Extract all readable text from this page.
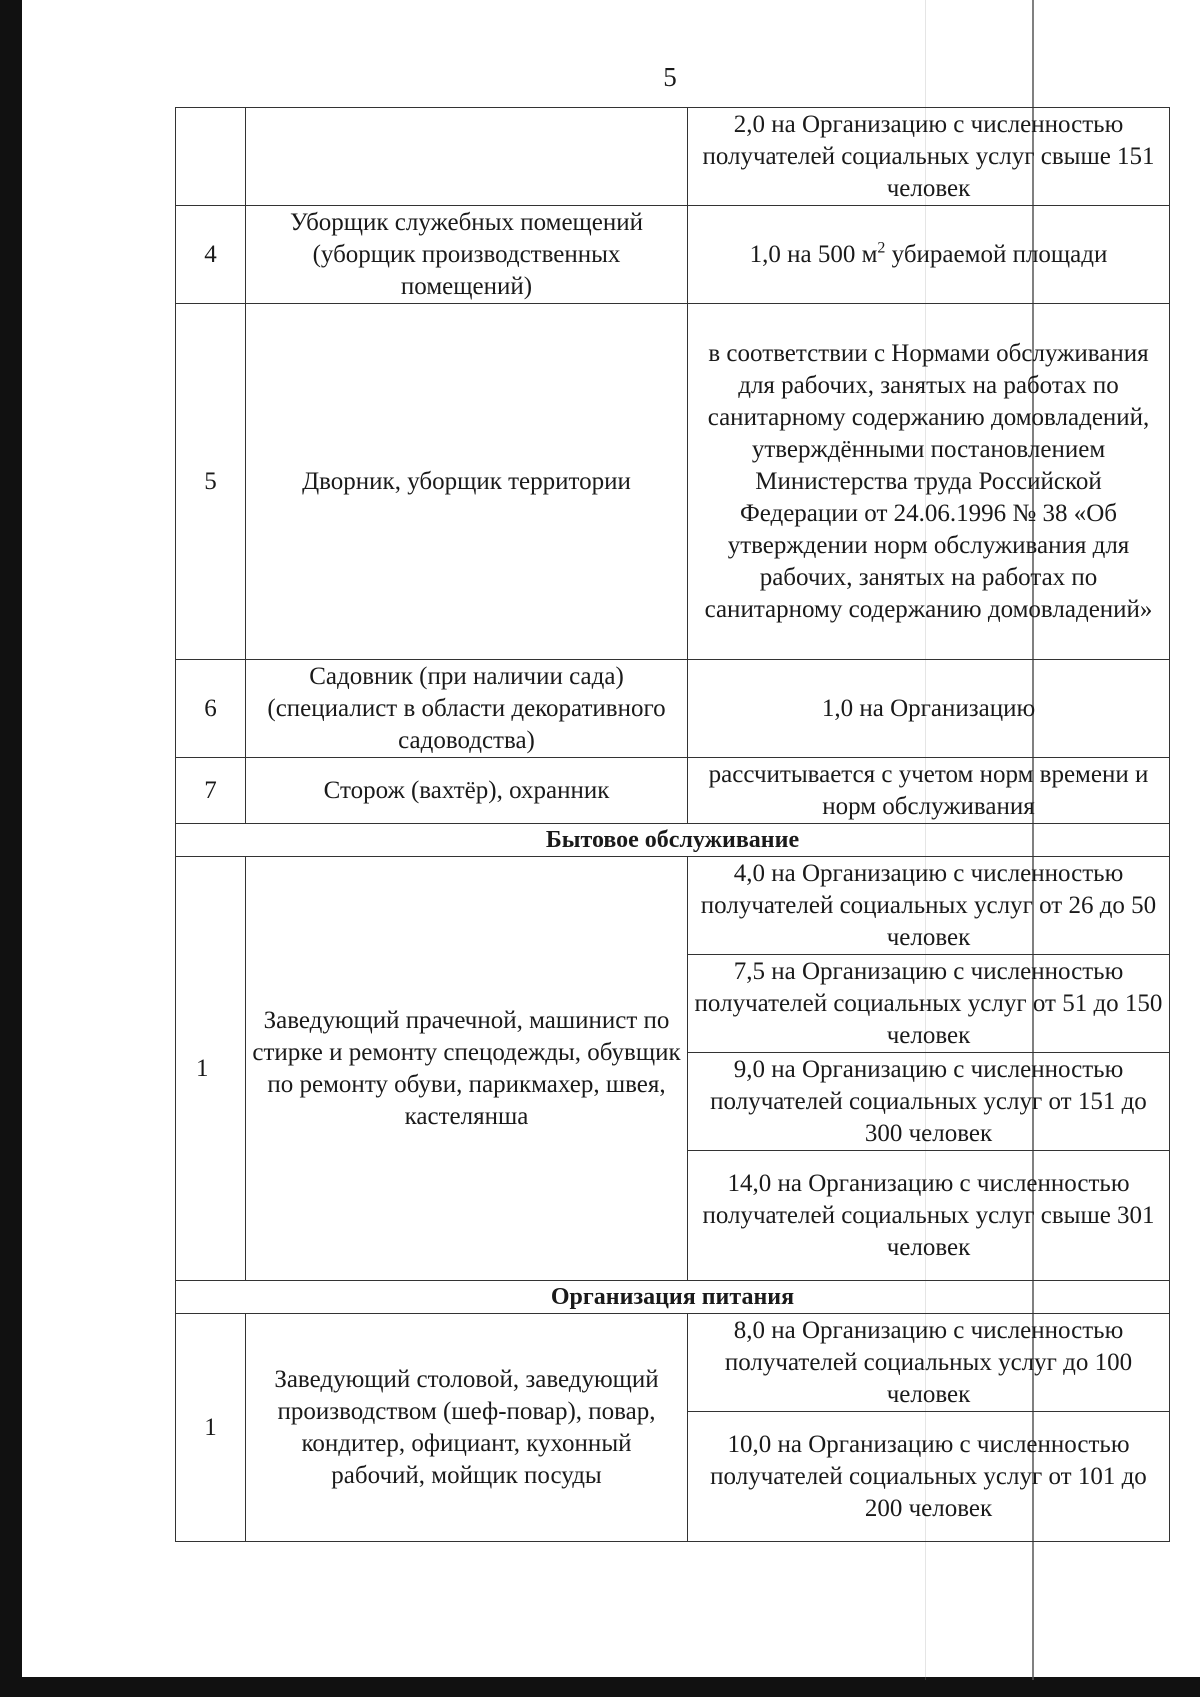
5
		2,0 на Организацию с численностью получателей социальных услуг свыше 151 человек
4	Уборщик служебных помещений (уборщик производственных помещений)	1,0 на 500 $м^2$ убираемой площади
5	Дворник, уборщик территории	в соответствии с Нормами обслуживания для рабочих, занятых на работах по санитарному содержанию домовладений, утверждёнными постановлением Министерства труда Российской Федерации от 24.06.1996 № 38 «Об утверждении норм обслуживания для рабочих, занятых на работах по санитарному содержанию домовладений»
6	Садовник (при наличии сада) (специалист в области декоративного садоводства)	1,0 на Организацию
7	Сторож (вахтёр), охранник	рассчитывается с учетом норм времени и норм обслуживания
Бытовое обслуживание		
1	Заведующий прачечной, машинист по стирке и ремонту спецодежды, обувщик по ремонту обуви, парикмахер, швея, кастелянша	4,0 на Организацию с численностью получателей социальных услуг от 26 до 50 человек
		7,5 на Организацию с численностью получателей социальных услуг от 51 до 150 человек
		9,0 на Организацию с численностью получателей социальных услуг от 151 до 300 человек
		14,0 на Организацию с численностью получателей социальных услуг свыше 301 человек
Организация питания		
1	Заведующий столовой, заведующий производством (шеф-повар), повар, кондитер, официант, кухонный рабочий, мойщик посуды	8,0 на Организацию с численностью получателей социальных услуг до 100 человек
		10,0 на Организацию с численностью получателей социальных услуг от 101 до 200 человек
